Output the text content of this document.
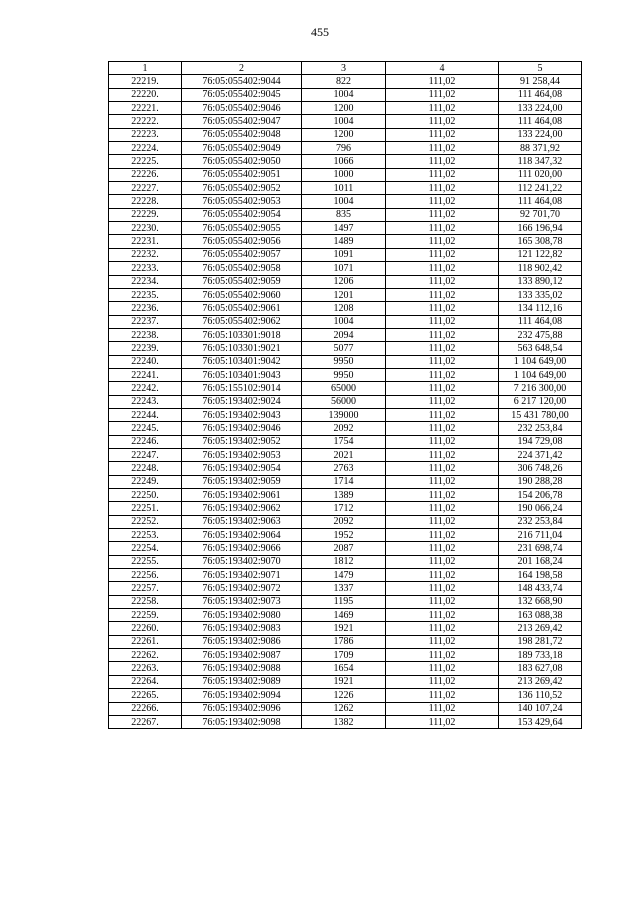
455
1	2	3	4	5
22219.	76:05:055402:9044	822	111,02	91 258,44
22220.	76:05:055402:9045	1004	111,02	111 464,08
22221.	76:05:055402:9046	1200	111,02	133 224,00
22222.	76:05:055402:9047	1004	111,02	111 464,08
22223.	76:05:055402:9048	1200	111,02	133 224,00
22224.	76:05:055402:9049	796	111,02	88 371,92
22225.	76:05:055402:9050	1066	111,02	118 347,32
22226.	76:05:055402:9051	1000	111,02	111 020,00
22227.	76:05:055402:9052	1011	111,02	112 241,22
22228.	76:05:055402:9053	1004	111,02	111 464,08
22229.	76:05:055402:9054	835	111,02	92 701,70
22230.	76:05:055402:9055	1497	111,02	166 196,94
22231.	76:05:055402:9056	1489	111,02	165 308,78
22232.	76:05:055402:9057	1091	111,02	121 122,82
22233.	76:05:055402:9058	1071	111,02	118 902,42
22234.	76:05:055402:9059	1206	111,02	133 890,12
22235.	76:05:055402:9060	1201	111,02	133 335,02
22236.	76:05:055402:9061	1208	111,02	134 112,16
22237.	76:05:055402:9062	1004	111,02	111 464,08
22238.	76:05:103301:9018	2094	111,02	232 475,88
22239.	76:05:103301:9021	5077	111,02	563 648,54
22240.	76:05:103401:9042	9950	111,02	1 104 649,00
22241.	76:05:103401:9043	9950	111,02	1 104 649,00
22242.	76:05:155102:9014	65000	111,02	7 216 300,00
22243.	76:05:193402:9024	56000	111,02	6 217 120,00
22244.	76:05:193402:9043	139000	111,02	15 431 780,00
22245.	76:05:193402:9046	2092	111,02	232 253,84
22246.	76:05:193402:9052	1754	111,02	194 729,08
22247.	76:05:193402:9053	2021	111,02	224 371,42
22248.	76:05:193402:9054	2763	111,02	306 748,26
22249.	76:05:193402:9059	1714	111,02	190 288,28
22250.	76:05:193402:9061	1389	111,02	154 206,78
22251.	76:05:193402:9062	1712	111,02	190 066,24
22252.	76:05:193402:9063	2092	111,02	232 253,84
22253.	76:05:193402:9064	1952	111,02	216 711,04
22254.	76:05:193402:9066	2087	111,02	231 698,74
22255.	76:05:193402:9070	1812	111,02	201 168,24
22256.	76:05:193402:9071	1479	111,02	164 198,58
22257.	76:05:193402:9072	1337	111,02	148 433,74
22258.	76:05:193402:9073	1195	111,02	132 668,90
22259.	76:05:193402:9080	1469	111,02	163 088,38
22260.	76:05:193402:9083	1921	111,02	213 269,42
22261.	76:05:193402:9086	1786	111,02	198 281,72
22262.	76:05:193402:9087	1709	111,02	189 733,18
22263.	76:05:193402:9088	1654	111,02	183 627,08
22264.	76:05:193402:9089	1921	111,02	213 269,42
22265.	76:05:193402:9094	1226	111,02	136 110,52
22266.	76:05:193402:9096	1262	111,02	140 107,24
22267.	76:05:193402:9098	1382	111,02	153 429,64
